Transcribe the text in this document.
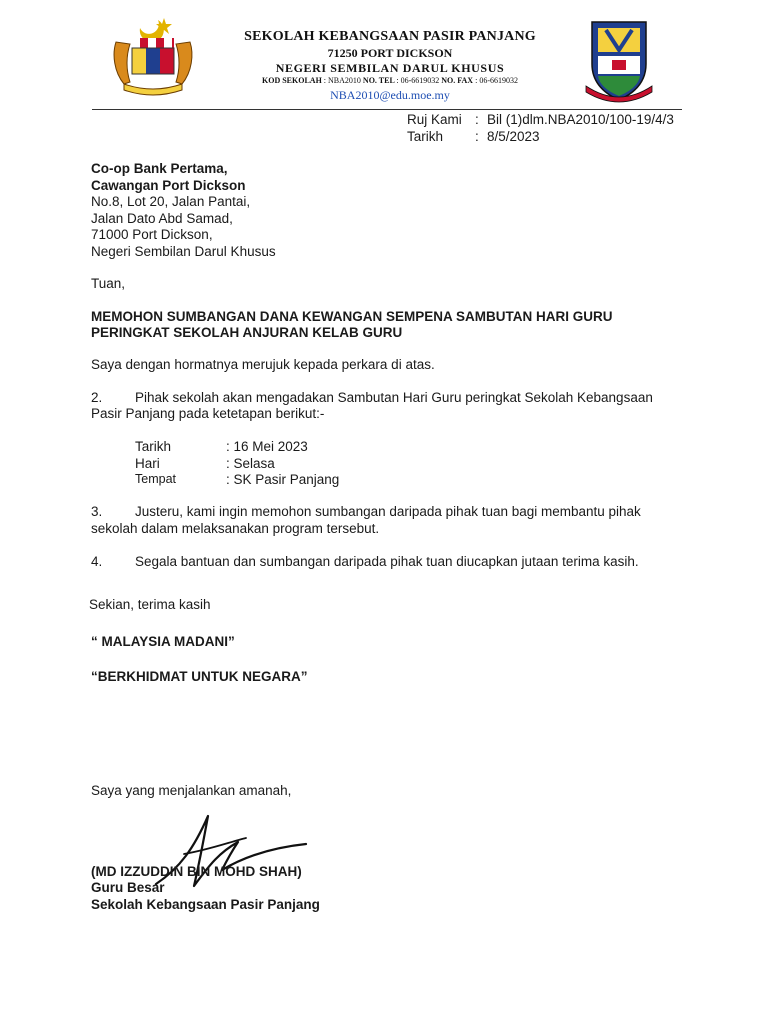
SEKOLAH KEBANGSAAN PASIR PANJANG
71250 PORT DICKSON
NEGERI SEMBILAN DARUL KHUSUS
KOD SEKOLAH : NBA2010 NO. TEL : 06-6619032 NO. FAX : 06-6619032
NBA2010@edu.moe.my
Ruj Kami : Bil (1)dlm.NBA2010/100-19/4/3
Tarikh : 8/5/2023
Co-op Bank Pertama,
Cawangan Port Dickson
No.8, Lot 20, Jalan Pantai,
Jalan Dato Abd Samad,
71000 Port Dickson,
Negeri Sembilan Darul Khusus
Tuan,
MEMOHON SUMBANGAN DANA KEWANGAN SEMPENA SAMBUTAN HARI GURU
PERINGKAT SEKOLAH ANJURAN KELAB GURU
Saya dengan hormatnya merujuk kepada perkara di atas.
2. Pihak sekolah akan mengadakan Sambutan Hari Guru peringkat Sekolah Kebangsaan
Pasir Panjang pada ketetapan berikut:-
Tarikh	: 16 Mei 2023
Hari	: Selasa
Tempat	: SK Pasir Panjang
3. Justeru, kami ingin memohon sumbangan daripada pihak tuan bagi membantu pihak
sekolah dalam melaksanakan program tersebut.
4. Segala bantuan dan sumbangan daripada pihak tuan diucapkan jutaan terima kasih.
Sekian, terima kasih
“ MALAYSIA MADANI”
“BERKHIDMAT UNTUK NEGARA”
Saya yang menjalankan amanah,
(MD IZZUDDIN BIN MOHD SHAH)
Guru Besar
Sekolah Kebangsaan Pasir Panjang
